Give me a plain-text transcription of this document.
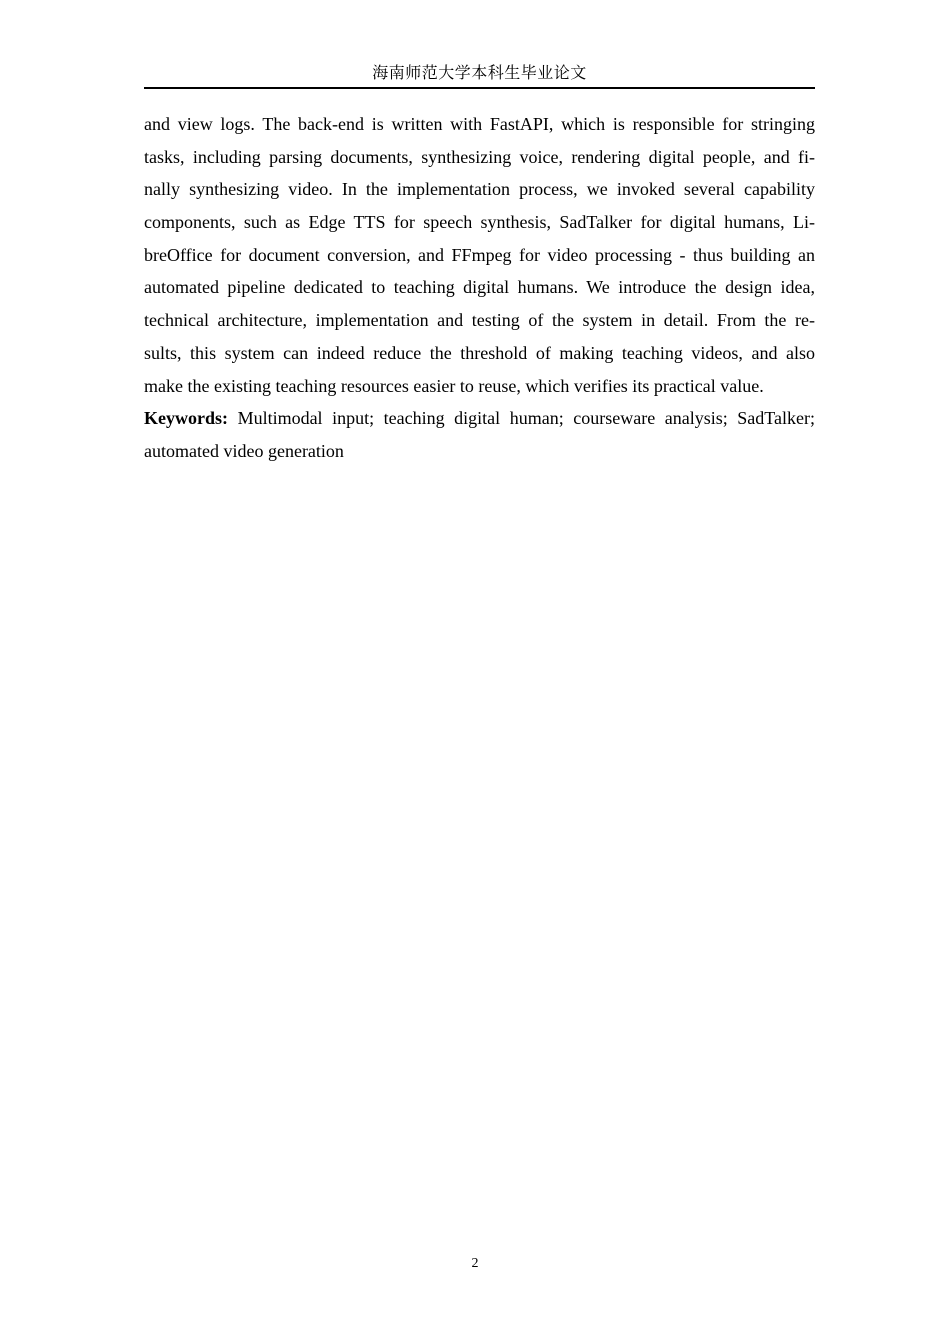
海南师范大学本科生毕业论文
and view logs. The back-end is written with FastAPI, which is responsible for stringing
tasks, including parsing documents, synthesizing voice, rendering digital people, and fi-
nally synthesizing video. In the implementation process, we invoked several capability
components, such as Edge TTS for speech synthesis, SadTalker for digital humans, Li-
breOffice for document conversion, and FFmpeg for video processing - thus building an
automated pipeline dedicated to teaching digital humans. We introduce the design idea,
technical architecture, implementation and testing of the system in detail. From the re-
sults, this system can indeed reduce the threshold of making teaching videos, and also
make the existing teaching resources easier to reuse, which verifies its practical value.
Keywords: Multimodal input; teaching digital human; courseware analysis; SadTalker;
automated video generation
2
